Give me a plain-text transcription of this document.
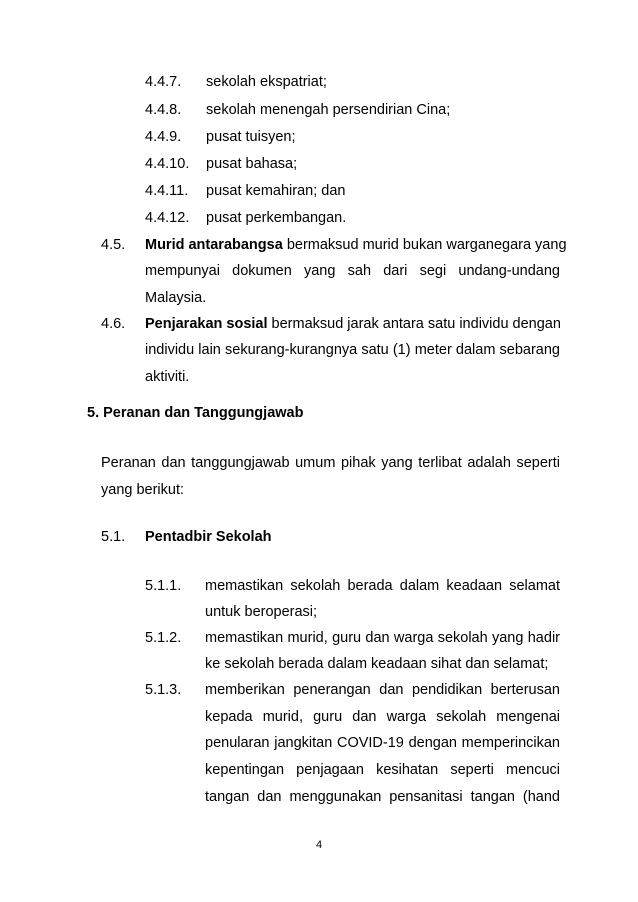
4.4.7. sekolah ekspatriat;
4.4.8. sekolah menengah persendirian Cina;
4.4.9. pusat tuisyen;
4.4.10. pusat bahasa;
4.4.11. pusat kemahiran; dan
4.4.12. pusat perkembangan.
4.5. Murid antarabangsa bermaksud murid bukan warganegara yang
mempunyai dokumen yang sah dari segi undang-undang
Malaysia.
4.6. Penjarakan sosial bermaksud jarak antara satu individu dengan
individu lain sekurang-kurangnya satu (1) meter dalam sebarang
aktiviti.
5. Peranan dan Tanggungjawab
Peranan dan tanggungjawab umum pihak yang terlibat adalah seperti
yang berikut:
5.1. Pentadbir Sekolah
5.1.1. memastikan sekolah berada dalam keadaan selamat
untuk beroperasi;
5.1.2. memastikan murid, guru dan warga sekolah yang hadir
ke sekolah berada dalam keadaan sihat dan selamat;
5.1.3. memberikan penerangan dan pendidikan berterusan
kepada murid, guru dan warga sekolah mengenai
penularan jangkitan COVID-19 dengan memperincikan
kepentingan penjagaan kesihatan seperti mencuci
tangan dan menggunakan pensanitasi tangan (hand
4
